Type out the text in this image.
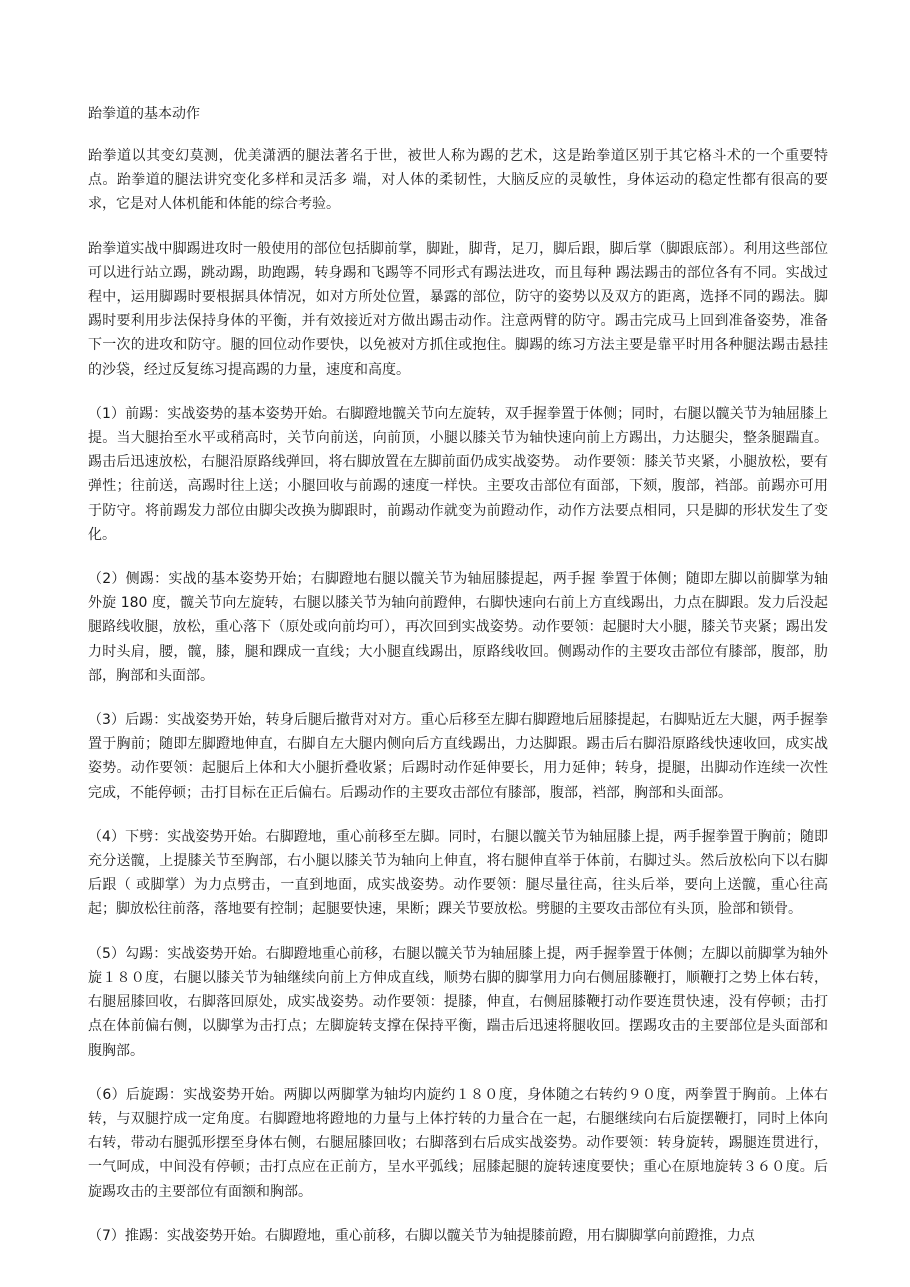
跆拳道的基本动作

跆拳道以其变幻莫测，优美潇洒的腿法著名于世，被世人称为踢的艺术，这是跆拳道区别于其它格斗术的一个重要特点。跆拳道的腿法讲究变化多样和灵活多 端，对人体的柔韧性，大脑反应的灵敏性，身体运动的稳定性都有很高的要求，它是对人体机能和体能的综合考验。

跆拳道实战中脚踢进攻时一般使用的部位包括脚前掌，脚趾，脚背，足刀，脚后跟，脚后掌（脚跟底部）。利用这些部位可以进行站立踢，跳动踢，助跑踢，转身踢和飞踢等不同形式有踢法进攻，而且每种 踢法踢击的部位各有不同。实战过程中，运用脚踢时要根据具体情况，如对方所处位置，暴露的部位，防守的姿势以及双方的距离，选择不同的踢法。脚踢时要利用步法保持身体的平衡，并有效接近对方做出踢击动作。注意两臂的防守。踢击完成马上回到准备姿势，准备下一次的进攻和防守。腿的回位动作要快，以免被对方抓住或抱住。脚踢的练习方法主要是靠平时用各种腿法踢击悬挂的沙袋，经过反复练习提高踢的力量，速度和高度。

（1）前踢：实战姿势的基本姿势开始。右脚蹬地髋关节向左旋转，双手握拳置于体侧；同时，右腿以髋关节为轴屈膝上提。当大腿抬至水平或稍高时，关节向前送，向前顶，小腿以膝关节为轴快速向前上方踢出，力达腿尖，整条腿踹直。踢击后迅速放松，右腿沿原路线弹回，将右脚放置在左脚前面仍成实战姿势。 动作要领：膝关节夹紧，小腿放松，要有弹性；往前送，高踢时往上送；小腿回收与前踢的速度一样快。主要攻击部位有面部，下颏，腹部，裆部。前踢亦可用于防守。将前踢发力部位由脚尖改换为脚跟时，前踢动作就变为前蹬动作，动作方法要点相同，只是脚的形状发生了变化。

（2）侧踢：实战的基本姿势开始；右脚蹬地右腿以髋关节为轴屈膝提起，两手握 拳置于体侧；随即左脚以前脚掌为轴外旋 180 度，髋关节向左旋转，右腿以膝关节为轴向前蹬伸，右脚快速向右前上方直线踢出，力点在脚跟。发力后没起腿路线收腿，放松，重心落下（原处或向前均可），再次回到实战姿势。动作要领：起腿时大小腿，膝关节夹紧；踢出发力时头肩，腰，髋，膝，腿和踝成一直线；大小腿直线踢出，原路线收回。侧踢动作的主要攻击部位有膝部，腹部，肋部，胸部和头面部。

（3）后踢：实战姿势开始，转身后腿后撤背对对方。重心后移至左脚右脚蹬地后屈膝提起，右脚贴近左大腿，两手握拳置于胸前；随即左脚蹬地伸直，右脚自左大腿内侧向后方直线踢出，力达脚跟。踢击后右脚沿原路线快速收回，成实战姿势。动作要领：起腿后上体和大小腿折叠收紧；后踢时动作延伸要长，用力延伸；转身，提腿，出脚动作连续一次性完成，不能停顿；击打目标在正后偏右。后踢动作的主要攻击部位有膝部，腹部，裆部，胸部和头面部。

（4）下劈：实战姿势开始。右脚蹬地，重心前移至左脚。同时，右腿以髋关节为轴屈膝上提，两手握拳置于胸前；随即充分送髋，上提膝关节至胸部，右小腿以膝关节为轴向上伸直，将右腿伸直举于体前，右脚过头。然后放松向下以右脚后跟（ 或脚掌）为力点劈击，一直到地面，成实战姿势。动作要领：腿尽量往高，往头后举，要向上送髋，重心往高起；脚放松往前落，落地要有控制；起腿要快速，果断；踝关节要放松。劈腿的主要攻击部位有头顶，脸部和锁骨。

（5）勾踢：实战姿势开始。右脚蹬地重心前移，右腿以髋关节为轴屈膝上提，两手握拳置于体侧；左脚以前脚掌为轴外旋１８０度，右腿以膝关节为轴继续向前上方伸成直线，顺势右脚的脚掌用力向右侧屈膝鞭打，顺鞭打之势上体右转，右腿屈膝回收，右脚落回原处，成实战姿势。动作要领：提膝，伸直，右侧屈膝鞭打动作要连贯快速，没有停顿；击打点在体前偏右侧，以脚掌为击打点；左脚旋转支撑在保持平衡，踹击后迅速将腿收回。摆踢攻击的主要部位是头面部和腹胸部。

（6）后旋踢：实战姿势开始。两脚以两脚掌为轴均内旋约１８０度，身体随之右转约９０度，两拳置于胸前。上体右转，与双腿拧成一定角度。右脚蹬地将蹬地的力量与上体拧转的力量合在一起，右腿继续向右后旋摆鞭打，同时上体向右转，带动右腿弧形摆至身体右侧，右腿屈膝回收；右脚落到右后成实战姿势。动作要领：转身旋转，踢腿连贯进行，一气呵成，中间没有停顿；击打点应在正前方，呈水平弧线；屈膝起腿的旋转速度要快；重心在原地旋转３６０度。后旋踢攻击的主要部位有面额和胸部。

（7）推踢：实战姿势开始。右脚蹬地，重心前移，右脚以髋关节为轴提膝前蹬，用右脚脚掌向前蹬推，力点
